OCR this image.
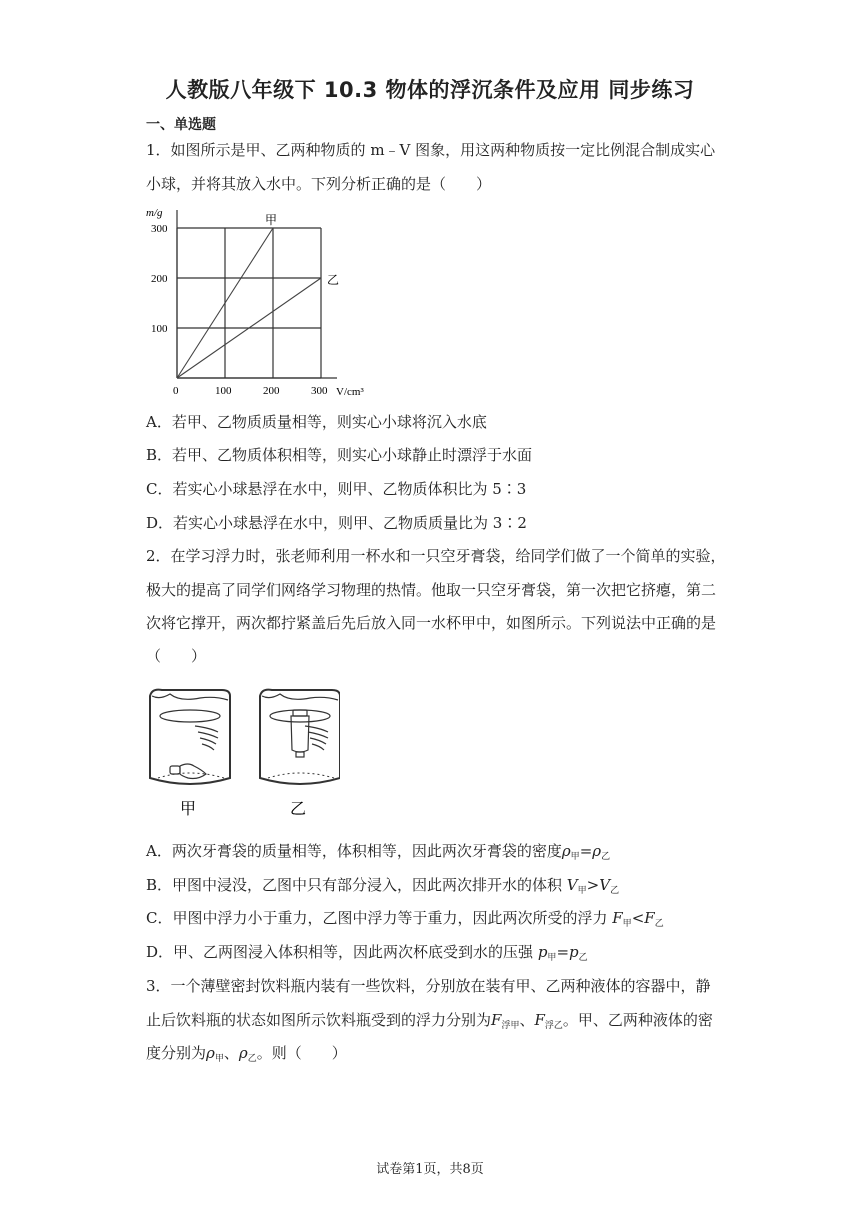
人教版八年级下 10.3 物体的浮沉条件及应用 同步练习
一、单选题
1．如图所示是甲、乙两种物质的 m﹣V 图象，用这两种物质按一定比例混合制成实心
小球，并将其放入水中。下列分析正确的是（　　）
0	100	200	300
100
200
300
m/g
V/cm³
甲
乙
A．若甲、乙物质质量相等，则实心小球将沉入水底
B．若甲、乙物质体积相等，则实心小球静止时漂浮于水面
C．若实心小球悬浮在水中，则甲、乙物质体积比为 5∶3
D．若实心小球悬浮在水中，则甲、乙物质质量比为 3∶2
2．在学习浮力时，张老师利用一杯水和一只空牙膏袋，给同学们做了一个简单的实验，
极大的提高了同学们网络学习物理的热情。他取一只空牙膏袋，第一次把它挤瘪，第二
次将它撑开，两次都拧紧盖后先后放入同一水杯甲中，如图所示。下列说法中正确的是
（　　）
甲	乙
A．两次牙膏袋的质量相等，体积相等，因此两次牙膏袋的密度$\rho_甲=\rho_乙$
B．甲图中浸没，乙图中只有部分浸入，因此两次排开水的体积 $V_甲>V_乙$
C．甲图中浮力小于重力，乙图中浮力等于重力，因此两次所受的浮力 $F_甲<F_乙$
D．甲、乙两图浸入体积相等，因此两次杯底受到水的压强 $p_甲=p_乙$
3．一个薄壁密封饮料瓶内装有一些饮料，分别放在装有甲、乙两种液体的容器中，静
止后饮料瓶的状态如图所示饮料瓶受到的浮力分别为$F_{浮甲}$、$F_{浮乙}$。甲、乙两种液体的密
度分别为$\rho_甲$、$\rho_乙$。则（　　）
试卷第1页，共8页
